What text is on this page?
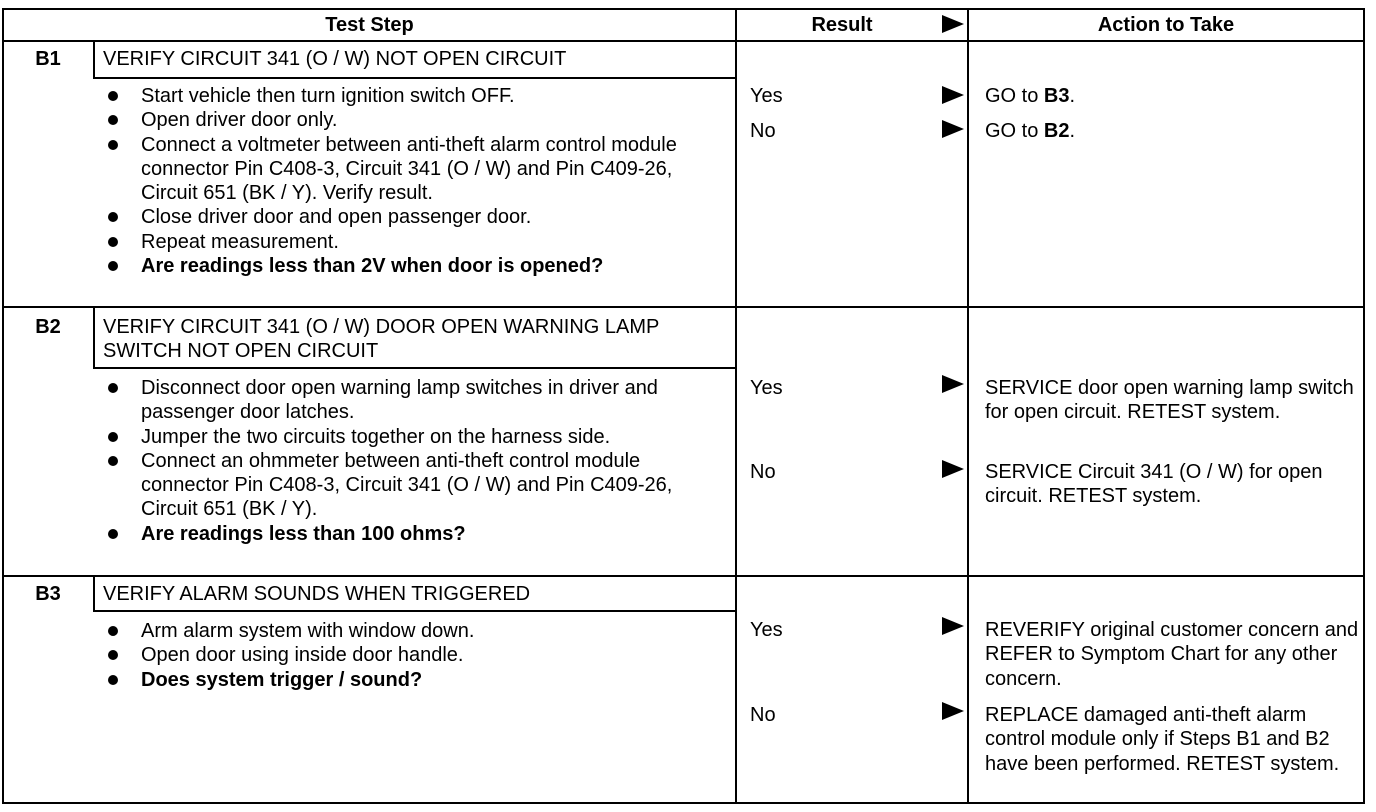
Test Step	Result	Action to Take
B1	VERIFY CIRCUIT 341 (O / W) NOT OPEN CIRCUIT
Start vehicle then turn ignition switch OFF.
Open driver door only.
Connect a voltmeter between anti-theft alarm control module connector Pin C408-3, Circuit 341 (O / W) and Pin C409-26, Circuit 651 (BK / Y). Verify result.
Close driver door and open passenger door.
Repeat measurement.
Are readings less than 2V when door is opened?
Yes	GO to B3.
No	GO to B2.
B2	VERIFY CIRCUIT 341 (O / W) DOOR OPEN WARNING LAMP SWITCH NOT OPEN CIRCUIT
Disconnect door open warning lamp switches in driver and passenger door latches.
Jumper the two circuits together on the harness side.
Connect an ohmmeter between anti-theft control module connector Pin C408-3, Circuit 341 (O / W) and Pin C409-26, Circuit 651 (BK / Y).
Are readings less than 100 ohms?
Yes	SERVICE door open warning lamp switch for open circuit. RETEST system.
No	SERVICE Circuit 341 (O / W) for open circuit. RETEST system.
B3	VERIFY ALARM SOUNDS WHEN TRIGGERED
Arm alarm system with window down.
Open door using inside door handle.
Does system trigger / sound?
Yes	REVERIFY original customer concern and REFER to Symptom Chart for any other concern.
No	REPLACE damaged anti-theft alarm control module only if Steps B1 and B2 have been performed. RETEST system.
